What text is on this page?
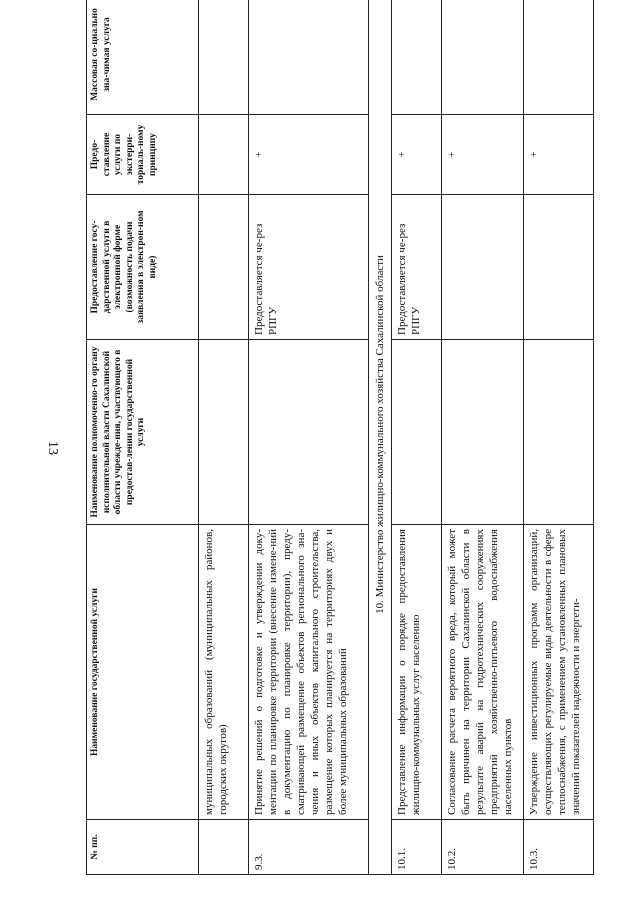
13
№ пп.	Наименование государственной услуги	Наименование полномоченно-го органу исполнительной власти Сахалинской области учрежде-ния, участвующего в предостав-лении государственной услуги	Предоставление госу-дарственной услуги в электронной форме (возможность подачи заявления в электрон-ном виде)	Предо-ставление услуги по экстерри-ториаль-ному принципу	Массовая со-циально зна-чимая услуга
	муниципальных образований (муниципальных районов, городских округов)				
9.3.	Принятие решений о подготовке и утверждении доку-ментации по планировке территории (внесение измене-ний в документацию по планировке территории), преду-сматривающей размещение объектов регионального зна-чения и иных объектов капитального строительства, размещение которых планируется на территориях двух и более муниципальных образований		Предоставляется че-рез РПГУ	+	
10. Министерство жилищно-коммунального хозяйства Сахалинской области					
10.1.	Представление информации о порядке предоставления жилищно-коммунальных услуг населению		Предоставляется че-рез РПГУ	+	
10.2.	Согласование расчета вероятного вреда, который может быть причинен на территории Сахалинской области в результате аварий на гидротехнических сооружениях предприятий хозяйственно-питьевого водоснабжения населенных пунктов			+	
10.3.	Утверждение инвестиционных программ организаций, осуществляющих регулируемые виды деятельности в сфере теплоснабжения, с применением установленных плановых значений показателей надежности и энергети-			+	
